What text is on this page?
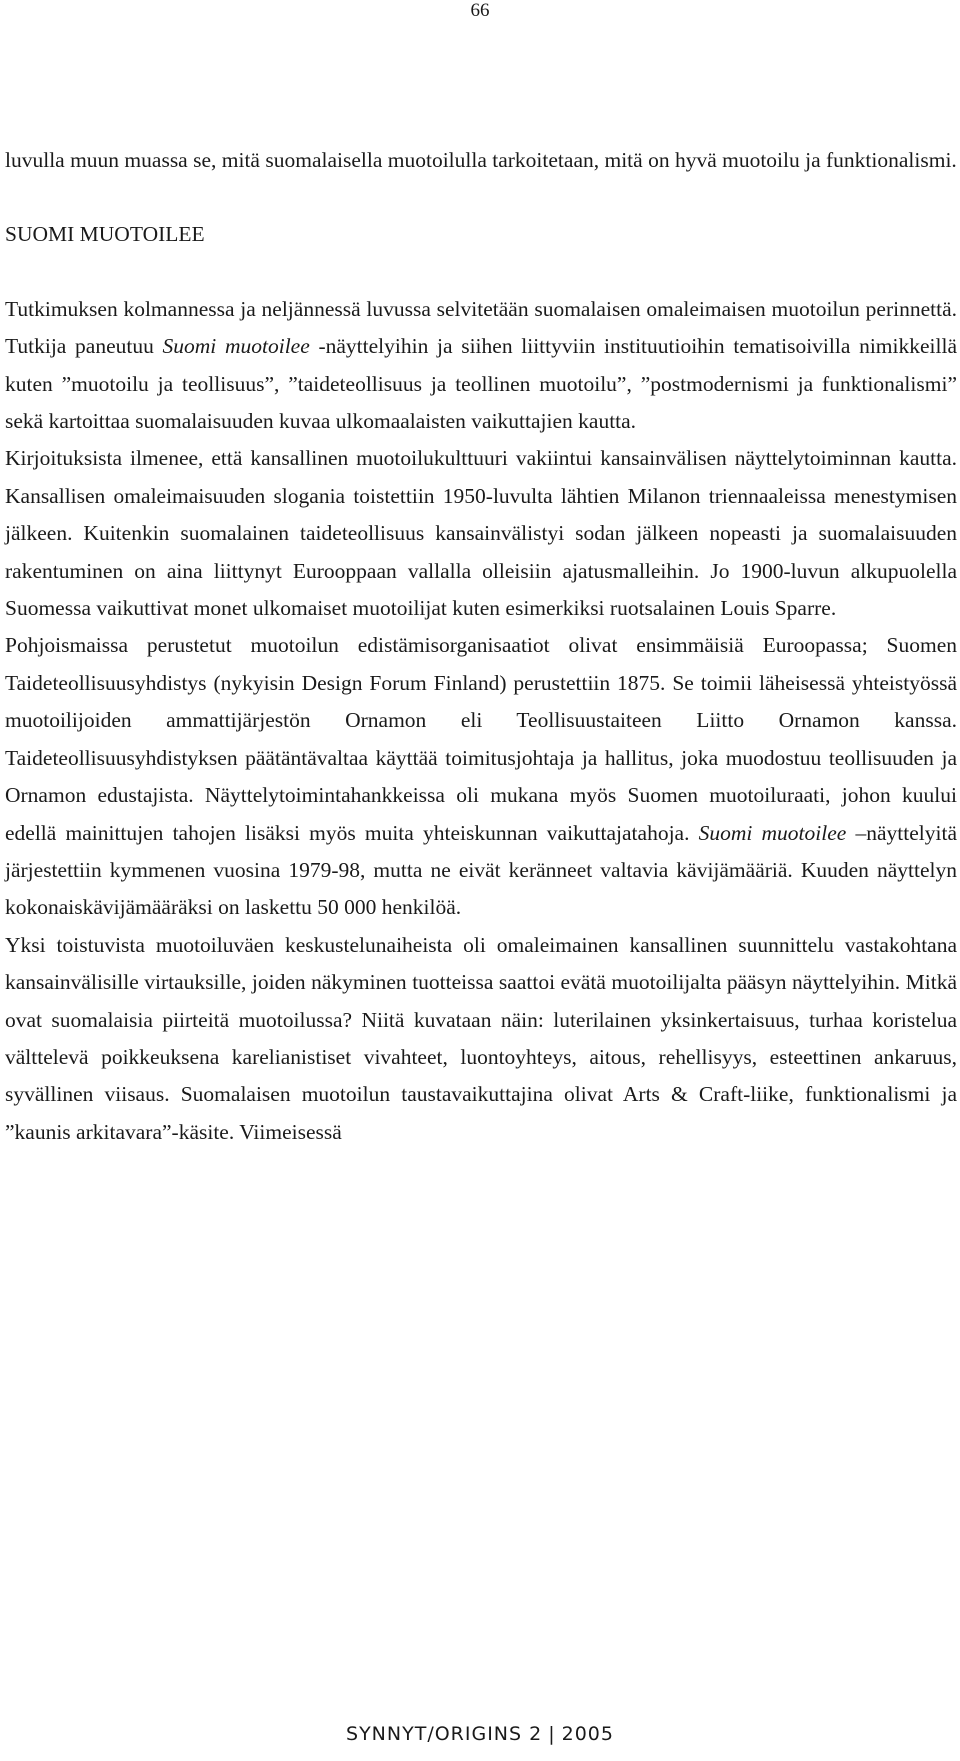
66

luvulla muun muassa se, mitä suomalaisella muotoilulla tarkoitetaan, mitä on hyvä muotoilu ja funktionalismi.

SUOMI MUOTOILEE

Tutkimuksen kolmannessa ja neljännessä luvussa selvitetään suomalaisen omaleimaisen muotoilun perinnettä. Tutkija paneutuu Suomi muotoilee -näyttelyihin ja siihen liittyviin instituutioihin tematisoivilla nimikkeillä kuten ”muotoilu ja teollisuus”, ”taideteollisuus ja teollinen muotoilu”, ”postmodernismi ja funktionalismi” sekä kartoittaa suomalaisuuden kuvaa ulkomaalaisten vaikuttajien kautta.

Kirjoituksista ilmenee, että kansallinen muotoilukulttuuri vakiintui kansainvälisen näyttelytoiminnan kautta. Kansallisen omaleimaisuuden slogania toistettiin 1950-luvulta lähtien Milanon triennaaleissa menestymisen jälkeen. Kuitenkin suomalainen taideteollisuus kansainvälistyi sodan jälkeen nopeasti ja suomalaisuuden rakentuminen on aina liittynyt Eurooppaan vallalla olleisiin ajatusmalleihin. Jo 1900-luvun alkupuolella Suomessa vaikuttivat monet ulkomaiset muotoilijat kuten esimerkiksi ruotsalainen Louis Sparre.

Pohjoismaissa perustetut muotoilun edistämisorganisaatiot olivat ensimmäisiä Euroopassa; Suomen Taideteollisuusyhdistys (nykyisin Design Forum Finland) perustettiin 1875. Se toimii läheisessä yhteistyössä muotoilijoiden ammattijärjestön Ornamon eli Teollisuustaiteen Liitto Ornamon kanssa. Taideteollisuusyhdistyksen päätäntävaltaa käyttää toimitusjohtaja ja hallitus, joka muodostuu teollisuuden ja Ornamon edustajista. Näyttelytoimintahankkeissa oli mukana myös Suomen muotoiluraati, johon kuului edellä mainittujen tahojen lisäksi myös muita yhteiskunnan vaikuttajatahoja. Suomi muotoilee –näyttelyitä järjestettiin kymmenen vuosina 1979-98, mutta ne eivät keränneet valtavia kävijämääriä. Kuuden näyttelyn kokonaiskävijämääräksi on laskettu 50 000 henkilöä.

Yksi toistuvista muotoiluväen keskustelunaiheista oli omaleimainen kansallinen suunnittelu vastakohtana kansainvälisille virtauksille, joiden näkyminen tuotteissa saattoi evätä muotoilijalta pääsyn näyttelyihin. Mitkä ovat suomalaisia piirteitä muotoilussa? Niitä kuvataan näin: luterilainen yksinkertaisuus, turhaa koristelua välttelevä poikkeuksena karelianistiset vivahteet, luontoyhteys, aitous, rehellisyys, esteettinen ankaruus, syvällinen viisaus. Suomalaisen muotoilun taustavaikuttajina olivat Arts & Craft-liike, funktionalismi ja ”kaunis arkitavara”-käsite. Viimeisessä

SYNNYT/ORIGINS 2 | 2005
